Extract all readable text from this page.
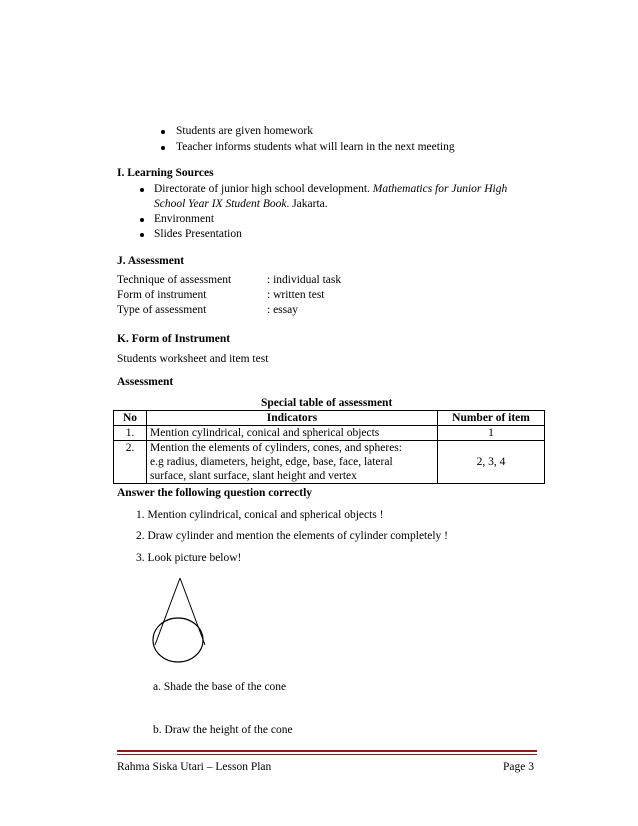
Students are given homework
Teacher informs students what will learn in the next meeting
I. Learning Sources
Directorate of junior high school development. Mathematics for Junior High
School Year IX Student Book. Jakarta.
Environment
Slides Presentation
J. Assessment
Technique of assessment	: individual task
Form of instrument	: written test
Type of assessment	: essay
K. Form of Instrument
Students worksheet and item test
Assessment
Special table of assessment
No	Indicators	Number of item
1.	Mention cylindrical, conical and spherical objects	1
2.	Mention the elements of cylinders, cones, and spheres:
e.g radius, diameters, height, edge, base, face, lateral
surface, slant surface, slant height and vertex	2, 3, 4
Answer the following question correctly
1. Mention cylindrical, conical and spherical objects !
2. Draw cylinder and mention the elements of cylinder completely !
3. Look picture below!
a. Shade the base of the cone
b. Draw the height of the cone
Rahma Siska Utari – Lesson Plan	Page 3
